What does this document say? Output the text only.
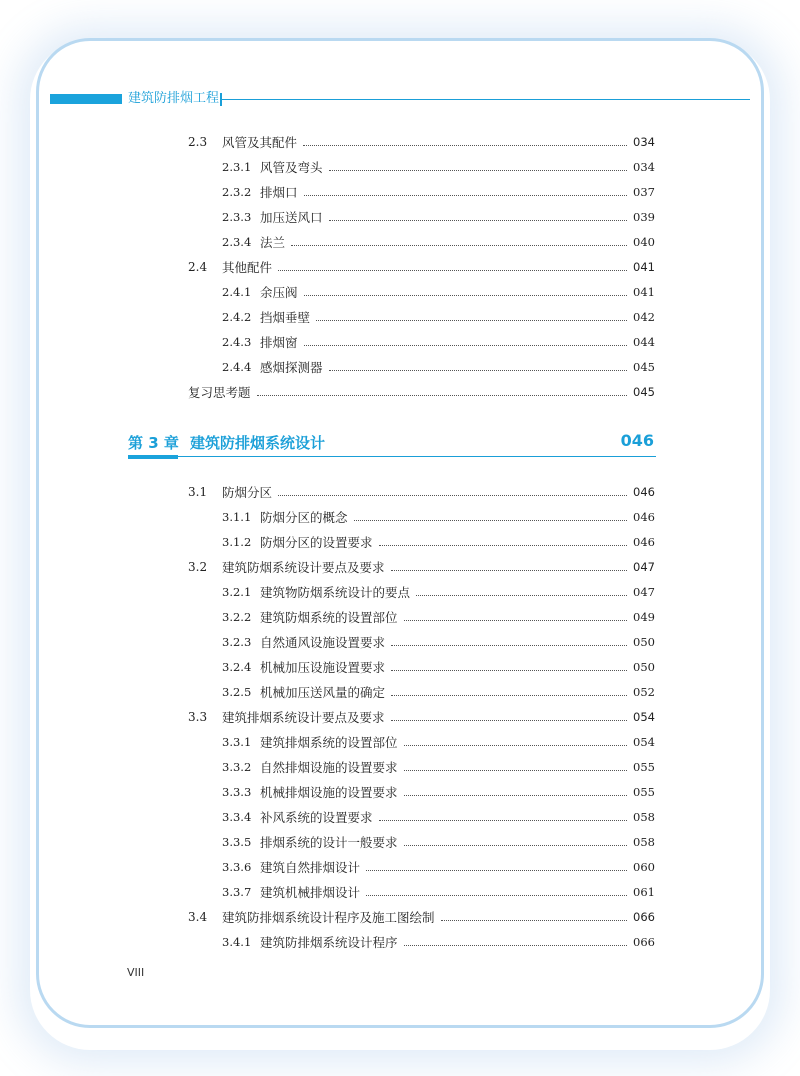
建筑防排烟工程
2.3	风管及其配件	034
2.3.1 风管及弯头	034
2.3.2 排烟口	037
2.3.3 加压送风口	039
2.3.4 法兰	040
2.4	其他配件	041
2.4.1 余压阀	041
2.4.2 挡烟垂壁	042
2.4.3 排烟窗	044
2.4.4 感烟探测器	045
复习思考题	045
第 3 章 建筑防排烟系统设计	046
3.1	防烟分区	046
3.1.1 防烟分区的概念	046
3.1.2 防烟分区的设置要求	046
3.2	建筑防烟系统设计要点及要求	047
3.2.1 建筑物防烟系统设计的要点	047
3.2.2 建筑防烟系统的设置部位	049
3.2.3 自然通风设施设置要求	050
3.2.4 机械加压设施设置要求	050
3.2.5 机械加压送风量的确定	052
3.3	建筑排烟系统设计要点及要求	054
3.3.1 建筑排烟系统的设置部位	054
3.3.2 自然排烟设施的设置要求	055
3.3.3 机械排烟设施的设置要求	055
3.3.4 补风系统的设置要求	058
3.3.5 排烟系统的设计一般要求	058
3.3.6 建筑自然排烟设计	060
3.3.7 建筑机械排烟设计	061
3.4	建筑防排烟系统设计程序及施工图绘制	066
3.4.1 建筑防排烟系统设计程序	066
VIII
